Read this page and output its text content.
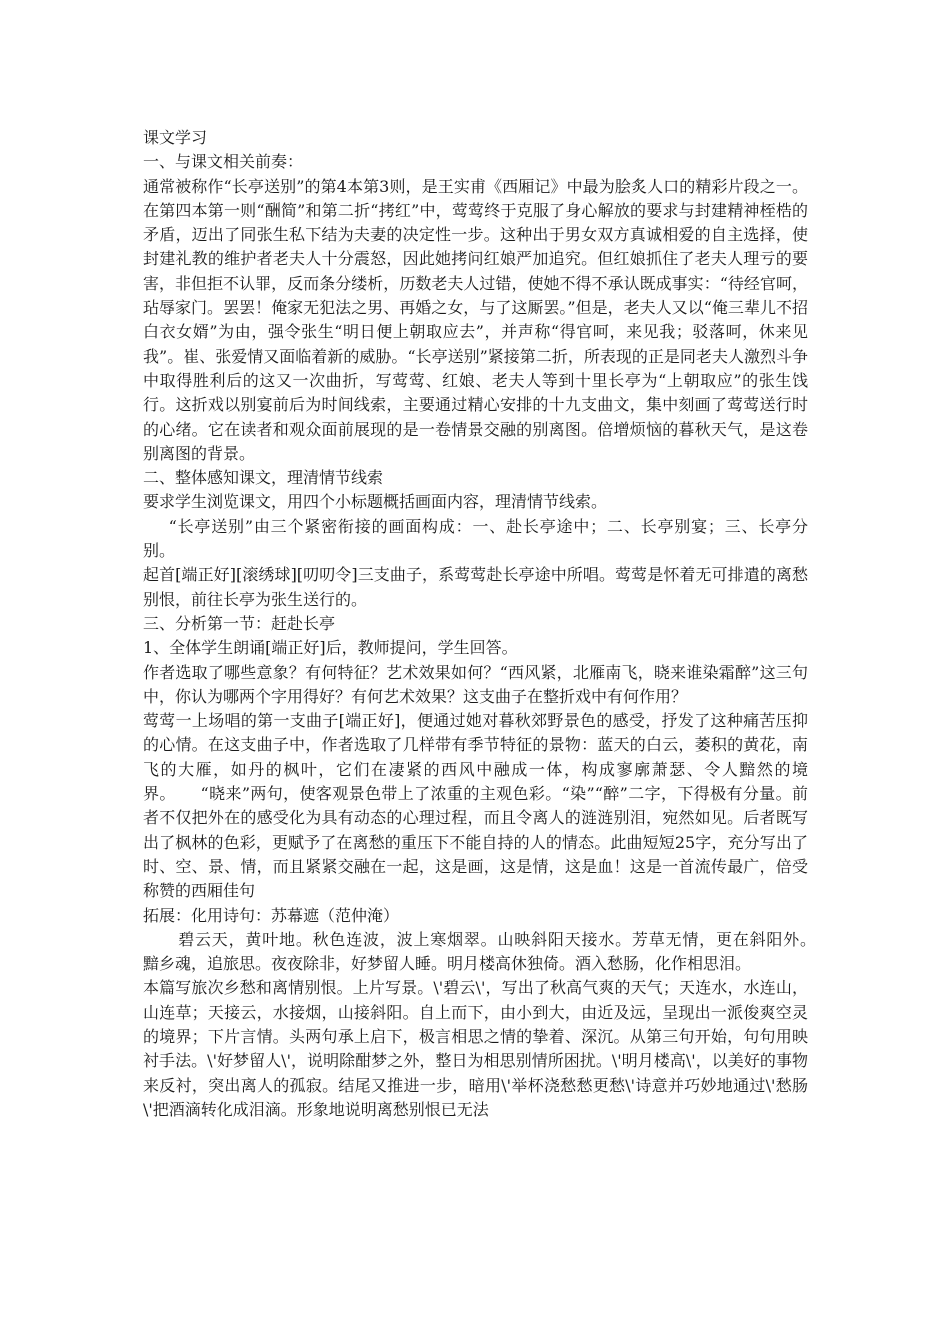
课文学习

一、与课文相关前奏：

通常被称作“长亭送别”的第4本第3则，是王实甫《西厢记》中最为脍炙人口的精彩片段之一。在第四本第一则“酬简”和第二折“拷红”中，莺莺终于克服了身心解放的要求与封建精神桎梏的矛盾，迈出了同张生私下结为夫妻的决定性一步。这种出于男女双方真诚相爱的自主选择，使封建礼教的维护者老夫人十分震怒，因此她拷问红娘严加追究。但红娘抓住了老夫人理亏的要害，非但拒不认罪，反而条分缕析，历数老夫人过错，使她不得不承认既成事实：“待经官呵，玷辱家门。罢罢！俺家无犯法之男、再婚之女，与了这厮罢。”但是，老夫人又以“俺三辈儿不招白衣女婿”为由，强令张生“明日便上朝取应去”，并声称“得官呵，来见我；驳落呵，休来见我”。崔、张爱情又面临着新的威胁。“长亭送别”紧接第二折，所表现的正是同老夫人激烈斗争中取得胜利后的这又一次曲折，写莺莺、红娘、老夫人等到十里长亭为“上朝取应”的张生饯行。这折戏以别宴前后为时间线索，主要通过精心安排的十九支曲文，集中刻画了莺莺送行时的心绪。它在读者和观众面前展现的是一卷情景交融的别离图。倍增烦恼的暮秋天气，是这卷别离图的背景。

二、整体感知课文，理清情节线索

要求学生浏览课文，用四个小标题概括画面内容，理清情节线索。

“长亭送别”由三个紧密衔接的画面构成：一、赴长亭途中；二、长亭别宴；三、长亭分别。

起首[端正好][滚绣球][叨叨令]三支曲子，系莺莺赴长亭途中所唱。莺莺是怀着无可排遣的离愁别恨，前往长亭为张生送行的。

三、分析第一节：赶赴长亭

1、全体学生朗诵[端正好]后，教师提问，学生回答。

作者选取了哪些意象？有何特征？艺术效果如何？“西风紧，北雁南飞，晓来谁染霜醉”这三句中，你认为哪两个字用得好？有何艺术效果？这支曲子在整折戏中有何作用？

莺莺一上场唱的第一支曲子[端正好]，便通过她对暮秋郊野景色的感受，抒发了这种痛苦压抑的心情。在这支曲子中，作者选取了几样带有季节特征的景物：蓝天的白云，萎积的黄花，南飞的大雁，如丹的枫叶，它们在凄紧的西风中融成一体，构成寥廓萧瑟、令人黯然的境界。　　“晓来”两句，使客观景色带上了浓重的主观色彩。“染”“醉”二字，下得极有分量。前者不仅把外在的感受化为具有动态的心理过程，而且令离人的涟涟别泪，宛然如见。后者既写出了枫林的色彩，更赋予了在离愁的重压下不能自持的人的情态。此曲短短25字，充分写出了时、空、景、情，而且紧紧交融在一起，这是画，这是情，这是血！这是一首流传最广，倍受称赞的西厢佳句

拓展：化用诗句：苏幕遮（范仲淹）

碧云天，黄叶地。秋色连波，波上寒烟翠。山映斜阳天接水。芳草无情，更在斜阳外。　　黯乡魂，追旅思。夜夜除非，好梦留人睡。明月楼高休独倚。酒入愁肠，化作相思泪。

本篇写旅次乡愁和离情别恨。上片写景。\'碧云\'，写出了秋高气爽的天气；天连水，水连山，山连草；天接云，水接烟，山接斜阳。自上而下，由小到大，由近及远，呈现出一派俊爽空灵的境界；下片言情。头两句承上启下，极言相思之情的挚着、深沉。从第三句开始，句句用映衬手法。\'好梦留人\'，说明除酣梦之外，整日为相思别情所困扰。\'明月楼高\'，以美好的事物来反衬，突出离人的孤寂。结尾又推进一步，暗用\'举杯浇愁愁更愁\'诗意并巧妙地通过\'愁肠\'把酒滴转化成泪滴。形象地说明离愁别恨已无法
